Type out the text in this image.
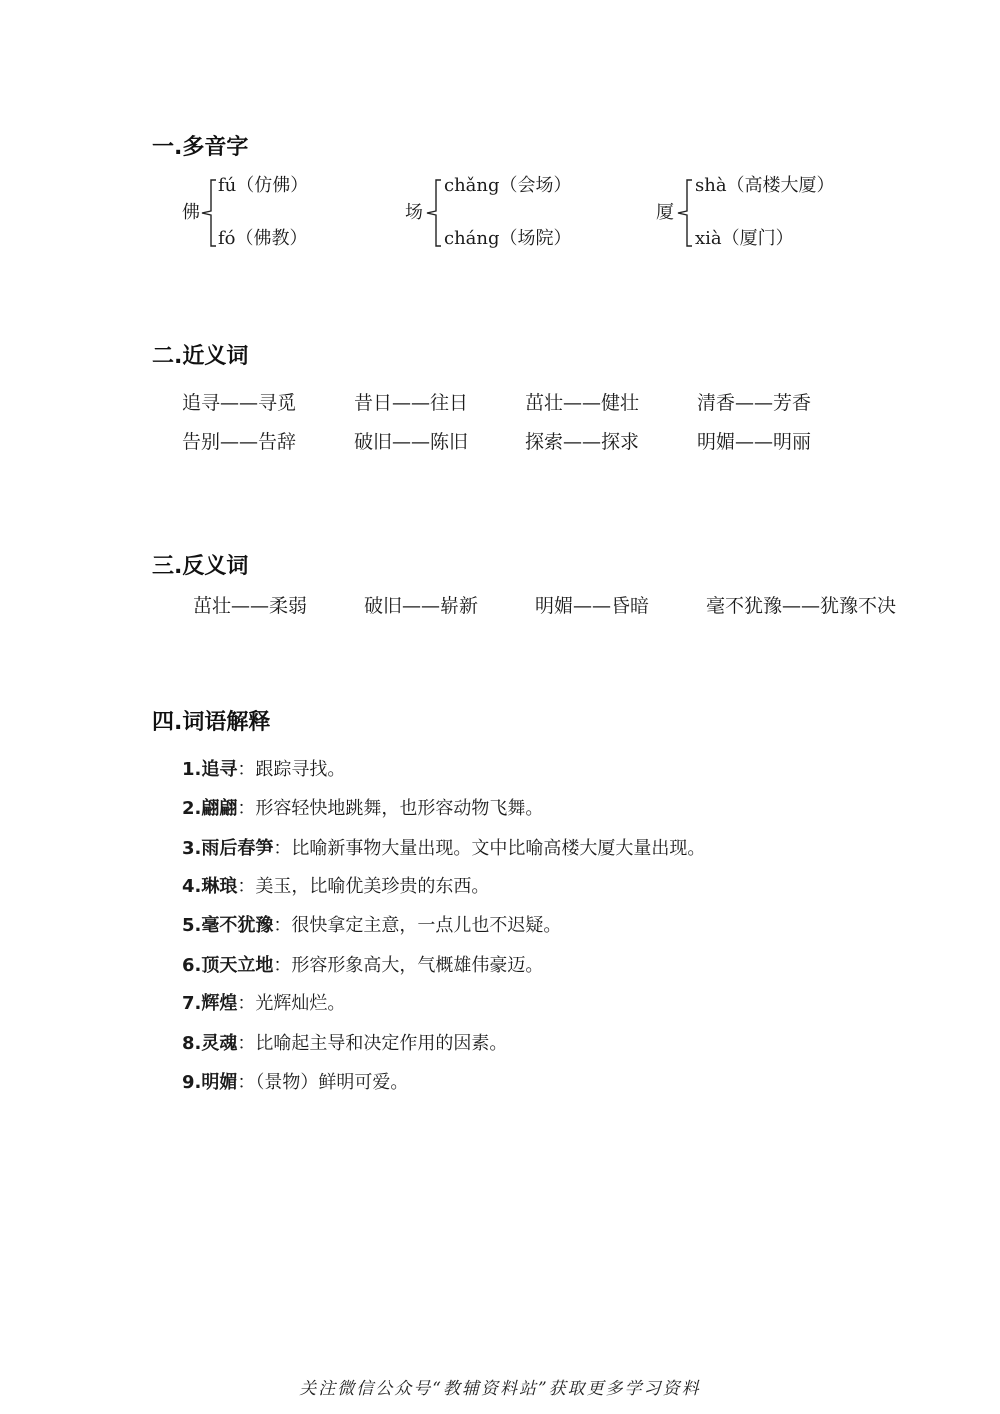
一.多音字
佛
fú（仿佛）
fó（佛教）
场
chǎng（会场）
cháng（场院）
厦
shà（高楼大厦）
xià（厦门）
二.近义词
追寻——寻觅	昔日——往日	茁壮——健壮	清香——芳香
告别——告辞	破旧——陈旧	探索——探求	明媚——明丽
三.反义词
茁壮——柔弱	破旧——崭新	明媚——昏暗	毫不犹豫——犹豫不决
四.词语解释
1.追寻：跟踪寻找。
2.翩翩：形容轻快地跳舞，也形容动物飞舞。
3.雨后春笋：比喻新事物大量出现。文中比喻高楼大厦大量出现。
4.琳琅：美玉，比喻优美珍贵的东西。
5.毫不犹豫：很快拿定主意，一点儿也不迟疑。
6.顶天立地：形容形象高大，气概雄伟豪迈。
7.辉煌：光辉灿烂。
8.灵魂：比喻起主导和决定作用的因素。
9.明媚：（景物）鲜明可爱。
关注微信公众号“教辅资料站”获取更多学习资料
